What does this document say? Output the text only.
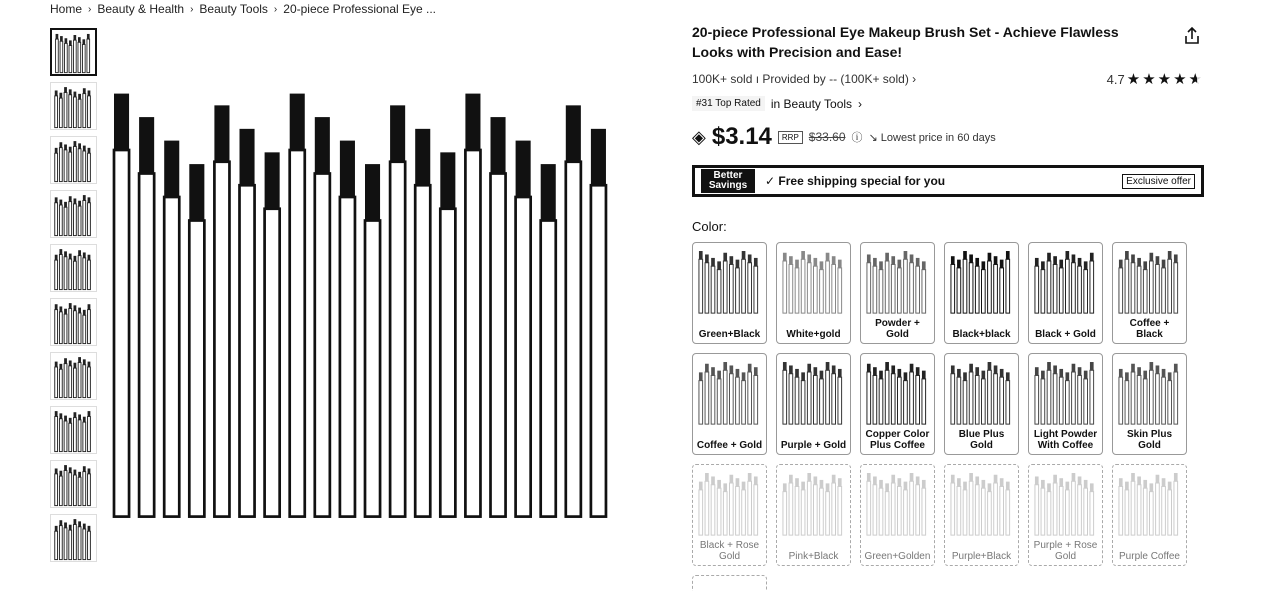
Home › Beauty & Health › Beauty Tools › 20-piece Professional Eye ...
20-piece Professional Eye Makeup Brush Set - Achieve Flawless Looks with Precision and Ease!
100K+ sold ı Provided by -- (100K+ sold) ›	4.7 ★ ★ ★ ★ ★
#31 Top Rated in Beauty Tools ›
◈ $3.14	RRP $33.60 ⓘ ↘ Lowest price in 60 days
Better Savings	✓ Free shipping special for you	Exclusive offer
Color:
Green+Black	White+gold
Powder + Gold	Black+black	Black + Gold
Coffee + Black
Coffee + Gold Purple + Gold
Copper Color Plus Coffee
Blue Plus Gold
Light Powder With Coffee
Skin Plus Gold
Black + Rose Gold	Pink+Black	Green+Golden	Purple+Black
Purple + Rose Gold	Purple Coffee
